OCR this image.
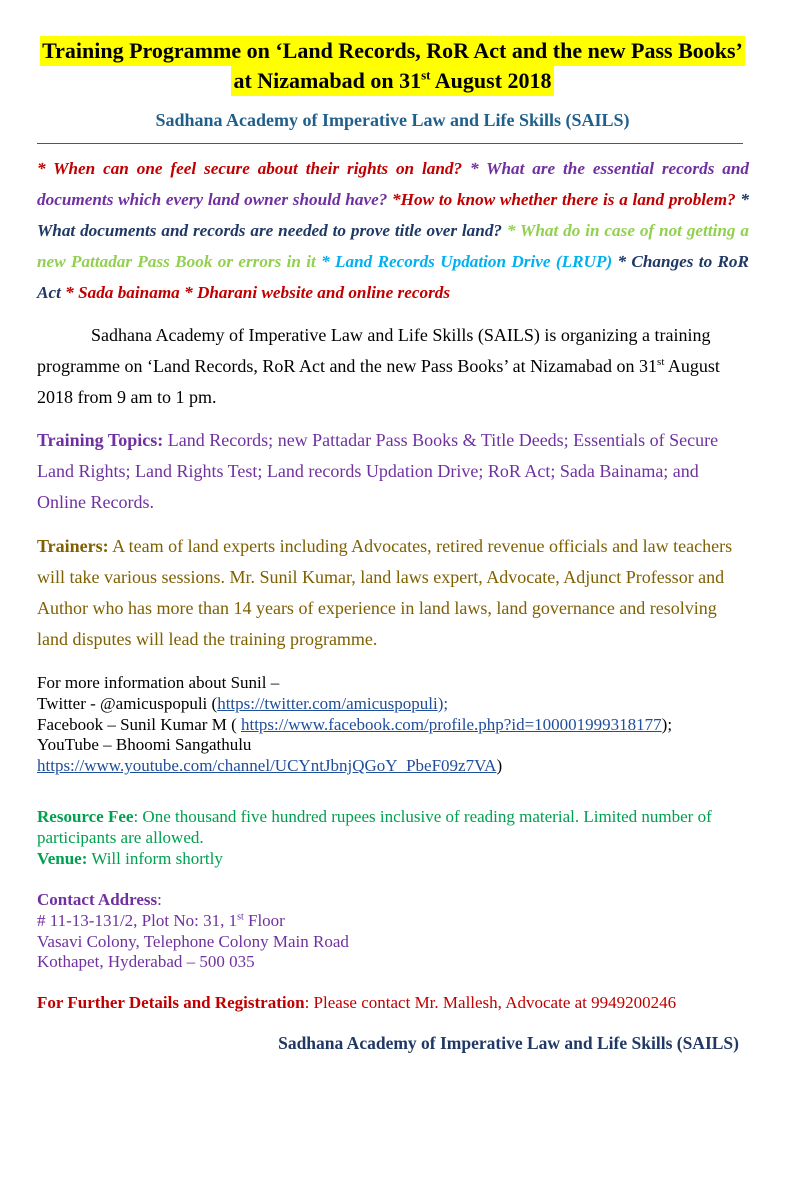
Training Programme on ‘Land Records, RoR Act and the new Pass Books’
at Nizamabad on 31st August 2018
Sadhana Academy of Imperative Law and Life Skills (SAILS)
* When can one feel secure about their rights on land? * What are the essential records and documents which every land owner should have? *How to know whether there is a land problem? * What documents and records are needed to prove title over land? * What do in case of not getting a new Pattadar Pass Book or errors in it * Land Records Updation Drive (LRUP) * Changes to RoR Act * Sada bainama * Dharani website and online records
Sadhana Academy of Imperative Law and Life Skills (SAILS) is organizing a training programme on ‘Land Records, RoR Act and the new Pass Books’ at Nizamabad on 31st August 2018 from 9 am to 1 pm.
Training Topics: Land Records; new Pattadar Pass Books & Title Deeds; Essentials of Secure Land Rights; Land Rights Test; Land records Updation Drive; RoR Act; Sada Bainama; and Online Records.
Trainers: A team of land experts including Advocates, retired revenue officials and law teachers will take various sessions. Mr. Sunil Kumar, land laws expert, Advocate, Adjunct Professor and Author who has more than 14 years of experience in land laws, land governance and resolving land disputes will lead the training programme.
For more information about Sunil –
Twitter - @amicuspopuli (https://twitter.com/amicuspopuli);
Facebook – Sunil Kumar M ( https://www.facebook.com/profile.php?id=100001999318177);
YouTube – Bhoomi Sangathulu
https://www.youtube.com/channel/UCYntJbnjQGoY_PbeF09z7VA)
Resource Fee: One thousand five hundred rupees inclusive of reading material. Limited number of participants are allowed.
Venue: Will inform shortly
Contact Address:
# 11-13-131/2, Plot No: 31, 1st Floor
Vasavi Colony, Telephone Colony Main Road
Kothapet, Hyderabad – 500 035
For Further Details and Registration: Please contact Mr. Mallesh, Advocate at 9949200246
Sadhana Academy of Imperative Law and Life Skills (SAILS)
